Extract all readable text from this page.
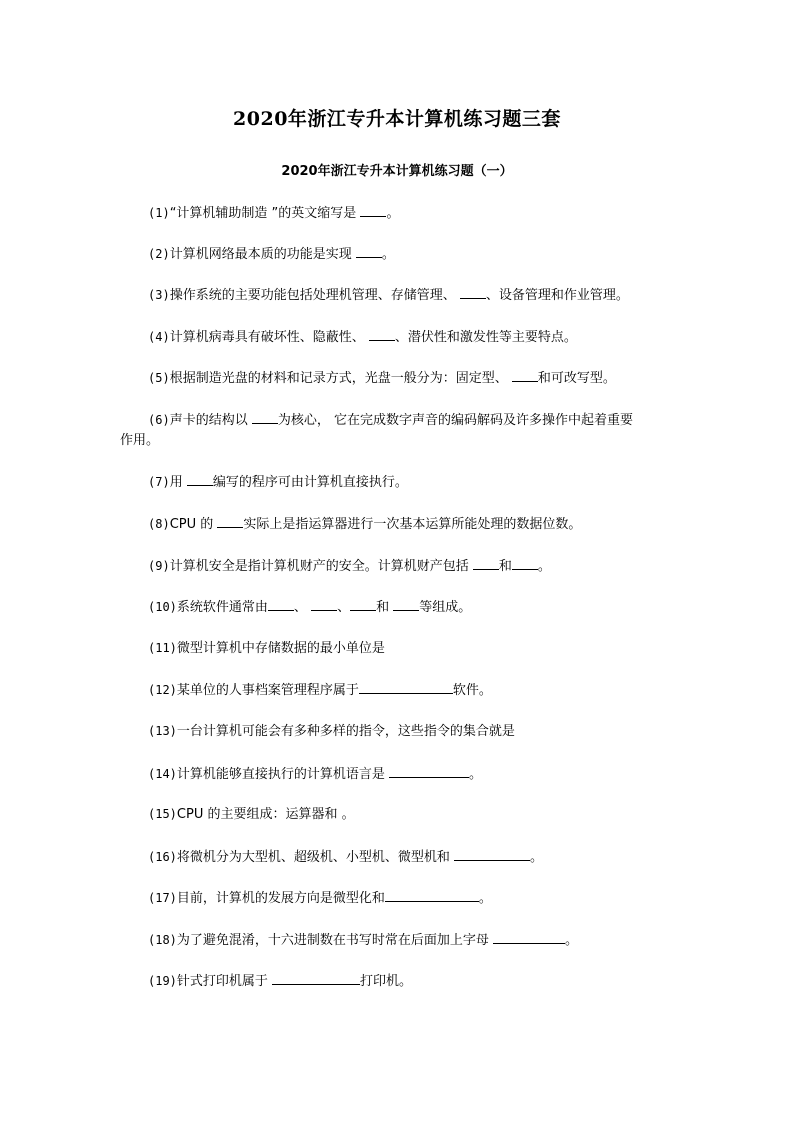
2020年浙江专升本计算机练习题三套
2020年浙江专升本计算机练习题（一）
(1)“计算机辅助制造 ”的英文缩写是 。
(2)计算机网络最本质的功能是实现 。
(3)操作系统的主要功能包括处理机管理、存储管理、 、设备管理和作业管理。
(4)计算机病毒具有破坏性、隐蔽性、 、潜伏性和激发性等主要特点。
(5)根据制造光盘的材料和记录方式，光盘一般分为：固定型、 和可改写型。
(6)声卡的结构以 为核心， 它在完成数字声音的编码解码及许多操作中起着重要
作用。
(7)用 编写的程序可由计算机直接执行。
(8)CPU 的 实际上是指运算器进行一次基本运算所能处理的数据位数。
(9)计算机安全是指计算机财产的安全。计算机财产包括 和 。
(10)系统软件通常由 、 、 和 等组成。
(11)微型计算机中存储数据的最小单位是
(12)某单位的人事档案管理程序属于	软件。
(13)一台计算机可能会有多种多样的指令，这些指令的集合就是
(14)计算机能够直接执行的计算机语言是	。
(15)CPU 的主要组成：运算器和 。
(16)将微机分为大型机、超级机、小型机、微型机和	。
(17)目前，计算机的发展方向是微型化和	。
(18)为了避免混淆，十六进制数在书写时常在后面加上字母	。
(19)针式打印机属于	打印机。
